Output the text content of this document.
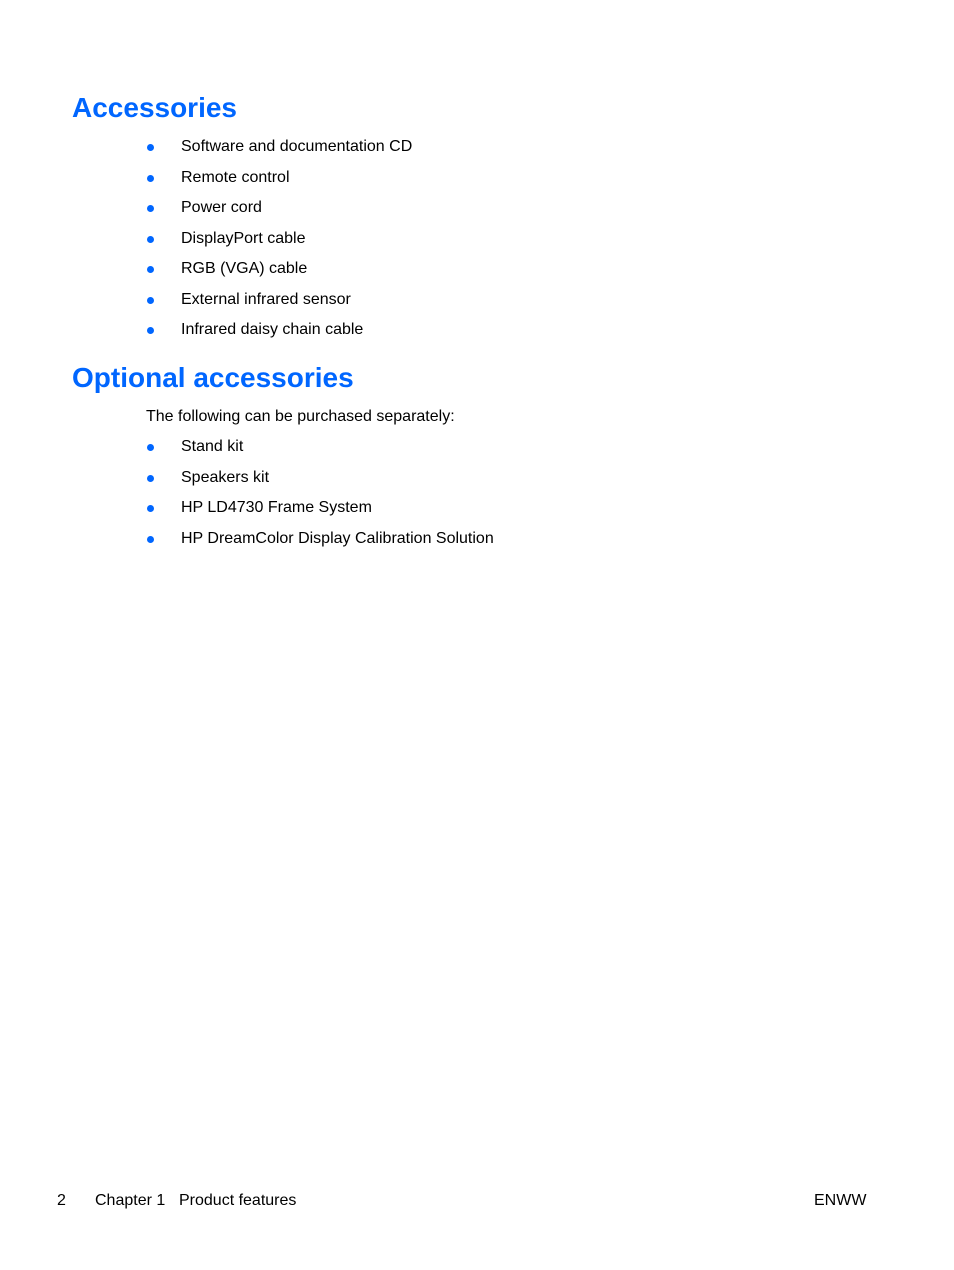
Accessories
Software and documentation CD
Remote control
Power cord
DisplayPort cable
RGB (VGA) cable
External infrared sensor
Infrared daisy chain cable
Optional accessories

The following can be purchased separately:

Stand kit
Speakers kit
HP LD4730 Frame System
HP DreamColor Display Calibration Solution
2 Chapter 1 Product features	ENWW
